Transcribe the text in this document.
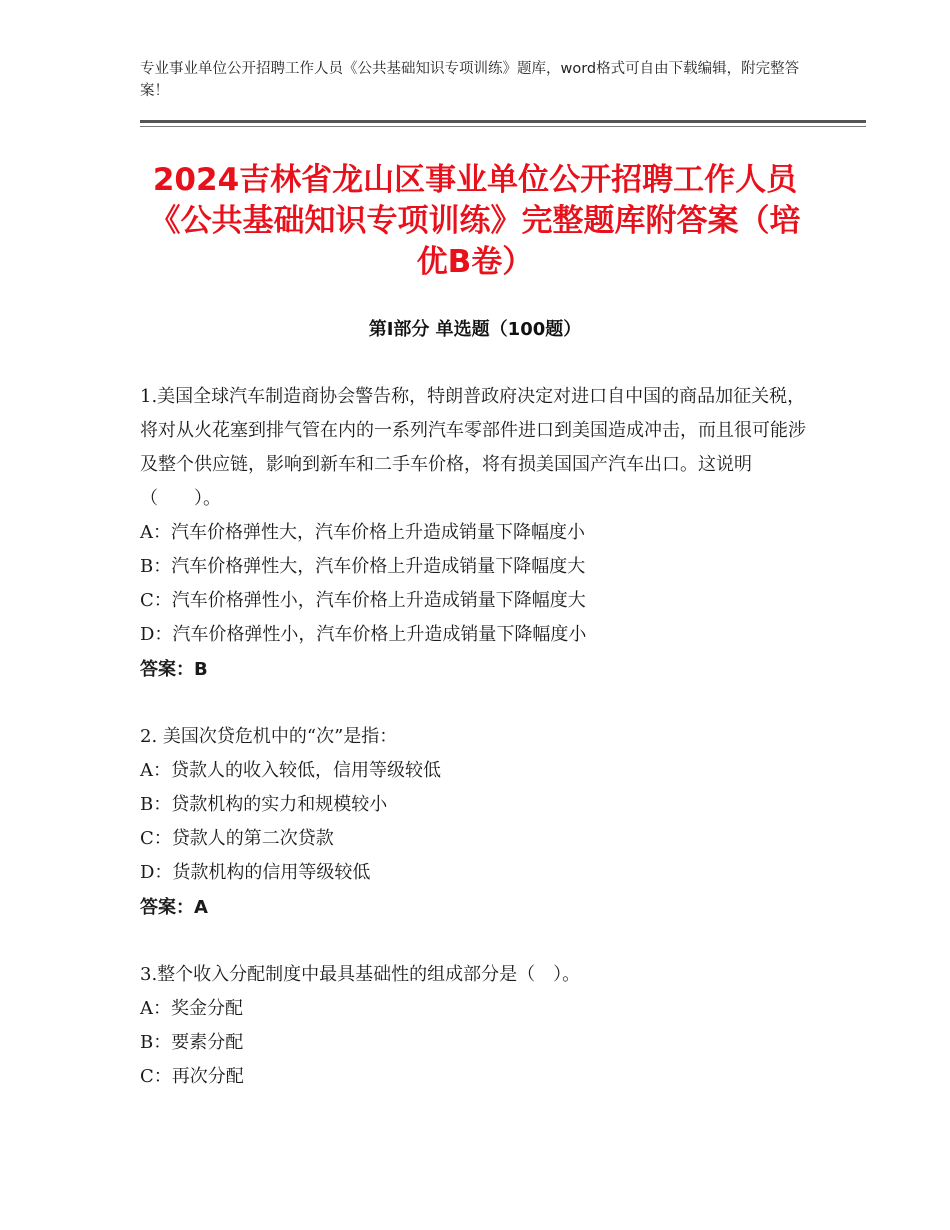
专业事业单位公开招聘工作人员《公共基础知识专项训练》题库，word格式可自由下载编辑，附完整答案！
2024吉林省龙山区事业单位公开招聘工作人员《公共基础知识专项训练》完整题库附答案（培优B卷）
第Ⅰ部分 单选题（100题）

1.美国全球汽车制造商协会警告称，特朗普政府决定对进口自中国的商品加征关税，将对从火花塞到排气管在内的一系列汽车零部件进口到美国造成冲击，而且很可能涉及整个供应链，影响到新车和二手车价格，将有损美国国产汽车出口。这说明（　　）。

A：汽车价格弹性大，汽车价格上升造成销量下降幅度小

B：汽车价格弹性大，汽车价格上升造成销量下降幅度大

C：汽车价格弹性小，汽车价格上升造成销量下降幅度大

D：汽车价格弹性小，汽车价格上升造成销量下降幅度小

答案：B

2. 美国次贷危机中的“次”是指：

A：贷款人的收入较低，信用等级较低

B：贷款机构的实力和规模较小

C：贷款人的第二次贷款

D：货款机构的信用等级较低

答案：A

3.整个收入分配制度中最具基础性的组成部分是（　）。

A：奖金分配

B：要素分配

C：再次分配
